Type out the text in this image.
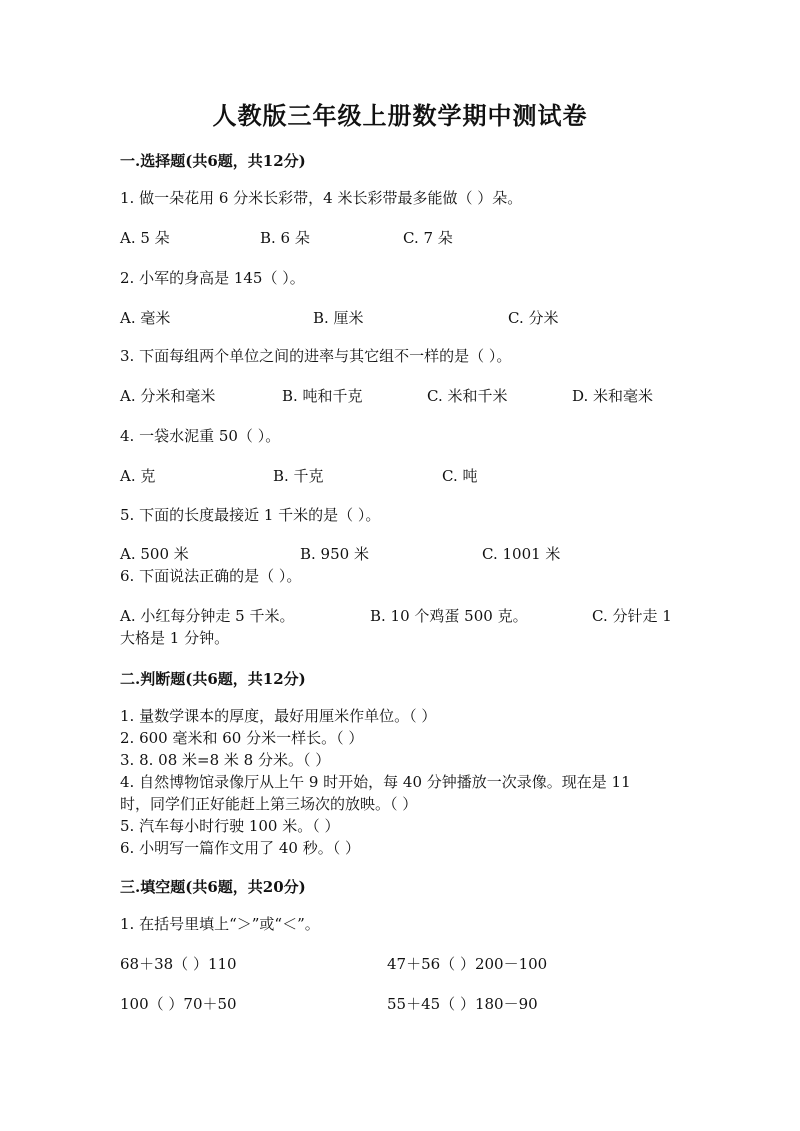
人教版三年级上册数学期中测试卷
一.选择题(共6题，共12分)
1. 做一朵花用 6 分米长彩带，4 米长彩带最多能做（ ）朵。
A. 5 朵	B. 6 朵	C. 7 朵
2. 小军的身高是 145（ ）。
A. 毫米	B. 厘米	C. 分米
3. 下面每组两个单位之间的进率与其它组不一样的是（ ）。
A. 分米和毫米	B. 吨和千克	C. 米和千米	D. 米和毫米
4. 一袋水泥重 50（ ）。
A. 克	B. 千克	C. 吨
5. 下面的长度最接近 1 千米的是（ ）。
A. 500 米	B. 950 米	C. 1001 米
6. 下面说法正确的是（ ）。
A. 小红每分钟走 5 千米。	B. 10 个鸡蛋 500 克。	C. 分针走 1
大格是 1 分钟。
二.判断题(共6题，共12分)
1. 量数学课本的厚度，最好用厘米作单位。（ ）
2. 600 毫米和 60 分米一样长。（ ）
3. 8. 08 米=8 米 8 分米。（ ）
4. 自然博物馆录像厅从上午 9 时开始，每 40 分钟播放一次录像。现在是 11
时，同学们正好能赶上第三场次的放映。（ ）
5. 汽车每小时行驶 100 米。（ ）
6. 小明写一篇作文用了 40 秒。（ ）
三.填空题(共6题，共20分)
1. 在括号里填上“＞”或“＜”。
68＋38（ ）110	47＋56（ ）200－100
100（ ）70＋50	55＋45（ ）180－90
